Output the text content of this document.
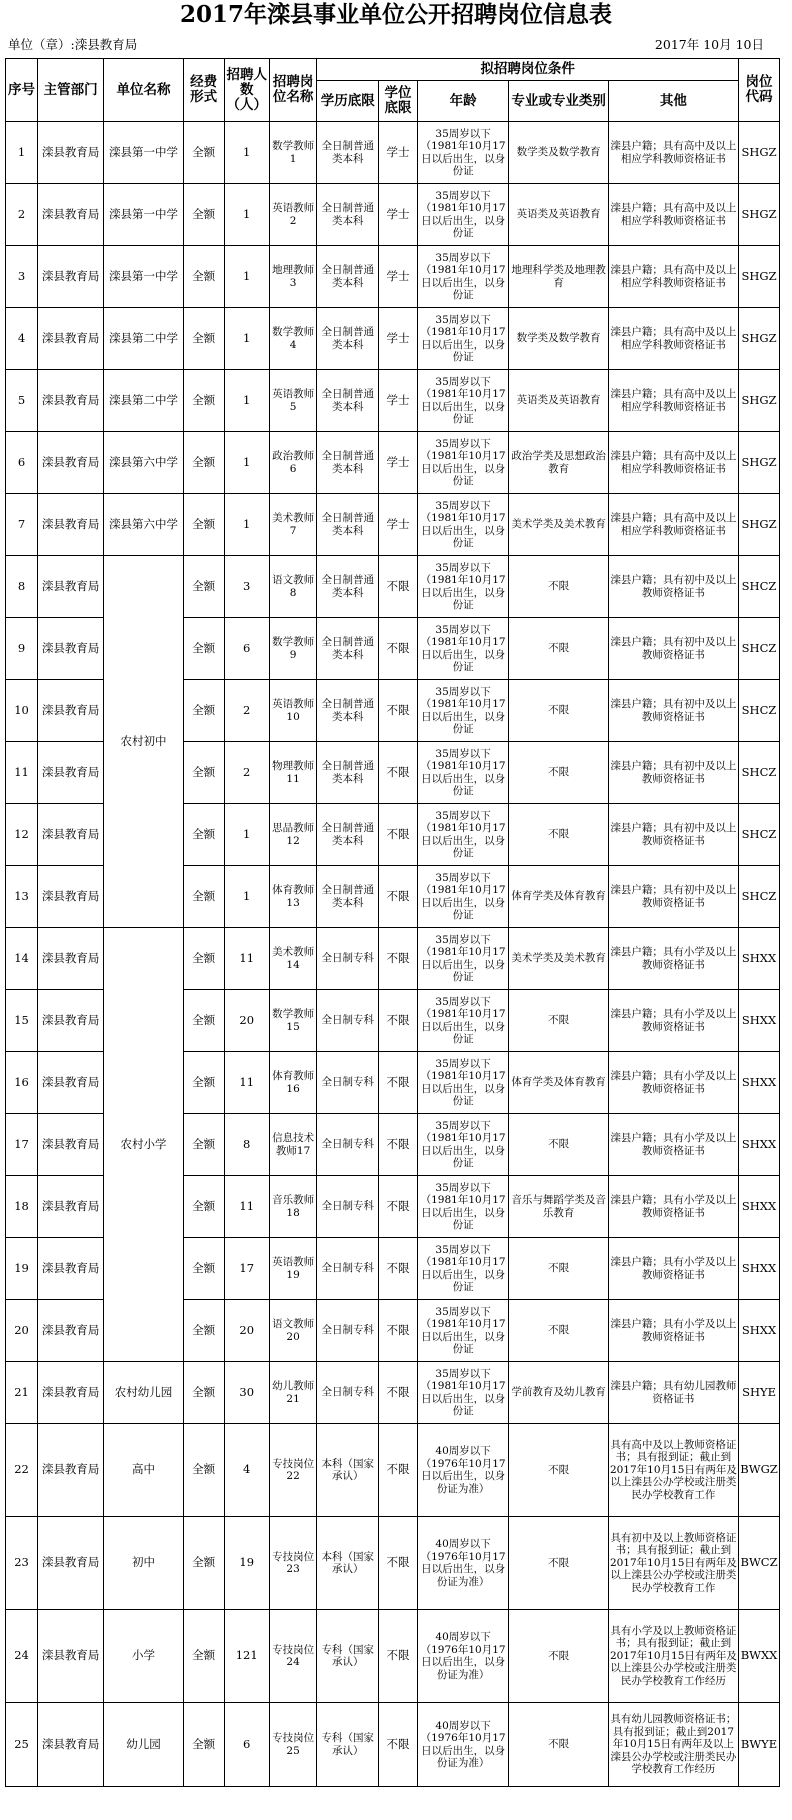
2017年滦县事业单位公开招聘岗位信息表
单位（章）:滦县教育局	2017年 10月 10日
序号	主管部门	单位名称	经费形式	招聘人数（人）	招聘岗位名称	拟招聘岗位条件					岗位代码
						学历底限	学位底限	年龄	专业或专业类别	其他	
1	滦县教育局	滦县第一中学	全额	1	数学教师1	全日制普通类本科	学士	35周岁以下（1981年10月17日以后出生，以身份证	数学类及数学教育	滦县户籍；具有高中及以上相应学科教师资格证书	SHGZ
2	滦县教育局	滦县第一中学	全额	1	英语教师2	全日制普通类本科	学士	35周岁以下（1981年10月17日以后出生，以身份证	英语类及英语教育	滦县户籍；具有高中及以上相应学科教师资格证书	SHGZ
3	滦县教育局	滦县第一中学	全额	1	地理教师3	全日制普通类本科	学士	35周岁以下（1981年10月17日以后出生，以身份证	地理科学类及地理教育	滦县户籍；具有高中及以上相应学科教师资格证书	SHGZ
4	滦县教育局	滦县第二中学	全额	1	数学教师4	全日制普通类本科	学士	35周岁以下（1981年10月17日以后出生，以身份证	数学类及数学教育	滦县户籍；具有高中及以上相应学科教师资格证书	SHGZ
5	滦县教育局	滦县第二中学	全额	1	英语教师5	全日制普通类本科	学士	35周岁以下（1981年10月17日以后出生，以身份证	英语类及英语教育	滦县户籍；具有高中及以上相应学科教师资格证书	SHGZ
6	滦县教育局	滦县第六中学	全额	1	政治教师6	全日制普通类本科	学士	35周岁以下（1981年10月17日以后出生，以身份证	政治学类及思想政治教育	滦县户籍；具有高中及以上相应学科教师资格证书	SHGZ
7	滦县教育局	滦县第六中学	全额	1	美术教师7	全日制普通类本科	学士	35周岁以下（1981年10月17日以后出生，以身份证	美术学类及美术教育	滦县户籍；具有高中及以上相应学科教师资格证书	SHGZ
8	滦县教育局	农村初中	全额	3	语文教师8	全日制普通类本科	不限	35周岁以下（1981年10月17日以后出生，以身份证	不限	滦县户籍；具有初中及以上教师资格证书	SHCZ
9	滦县教育局		全额	6	数学教师9	全日制普通类本科	不限	35周岁以下（1981年10月17日以后出生，以身份证	不限	滦县户籍；具有初中及以上教师资格证书	SHCZ
10	滦县教育局		全额	2	英语教师10	全日制普通类本科	不限	35周岁以下（1981年10月17日以后出生，以身份证	不限	滦县户籍；具有初中及以上教师资格证书	SHCZ
11	滦县教育局		全额	2	物理教师11	全日制普通类本科	不限	35周岁以下（1981年10月17日以后出生，以身份证	不限	滦县户籍；具有初中及以上教师资格证书	SHCZ
12	滦县教育局		全额	1	思品教师12	全日制普通类本科	不限	35周岁以下（1981年10月17日以后出生，以身份证	不限	滦县户籍；具有初中及以上教师资格证书	SHCZ
13	滦县教育局		全额	1	体育教师13	全日制普通类本科	不限	35周岁以下（1981年10月17日以后出生，以身份证	体育学类及体育教育	滦县户籍；具有初中及以上教师资格证书	SHCZ
14	滦县教育局	农村小学	全额	11	美术教师14	全日制专科	不限	35周岁以下（1981年10月17日以后出生，以身份证	美术学类及美术教育	滦县户籍；具有小学及以上教师资格证书	SHXX
15	滦县教育局		全额	20	数学教师15	全日制专科	不限	35周岁以下（1981年10月17日以后出生，以身份证	不限	滦县户籍；具有小学及以上教师资格证书	SHXX
16	滦县教育局		全额	11	体育教师16	全日制专科	不限	35周岁以下（1981年10月17日以后出生，以身份证	体育学类及体育教育	滦县户籍；具有小学及以上教师资格证书	SHXX
17	滦县教育局		全额	8	信息技术教师17	全日制专科	不限	35周岁以下（1981年10月17日以后出生，以身份证	不限	滦县户籍；具有小学及以上教师资格证书	SHXX
18	滦县教育局		全额	11	音乐教师18	全日制专科	不限	35周岁以下（1981年10月17日以后出生，以身份证	音乐与舞蹈学类及音乐教育	滦县户籍；具有小学及以上教师资格证书	SHXX
19	滦县教育局		全额	17	英语教师19	全日制专科	不限	35周岁以下（1981年10月17日以后出生，以身份证	不限	滦县户籍；具有小学及以上教师资格证书	SHXX
20	滦县教育局		全额	20	语文教师20	全日制专科	不限	35周岁以下（1981年10月17日以后出生，以身份证	不限	滦县户籍；具有小学及以上教师资格证书	SHXX
21	滦县教育局	农村幼儿园	全额	30	幼儿教师21	全日制专科	不限	35周岁以下（1981年10月17日以后出生，以身份证	学前教育及幼儿教育	滦县户籍；具有幼儿园教师资格证书	SHYE
22	滦县教育局	高中	全额	4	专技岗位22	本科（国家承认）	不限	40周岁以下（1976年10月17日以后出生，以身份证为准）	不限	具有高中及以上教师资格证书；具有报到证；截止到2017年10月15日有两年及以上滦县公办学校或注册类民办学校教育工作	BWGZ
23	滦县教育局	初中	全额	19	专技岗位23	本科（国家承认）	不限	40周岁以下（1976年10月17日以后出生，以身份证为准）	不限	具有初中及以上教师资格证书；具有报到证；截止到2017年10月15日有两年及以上滦县公办学校或注册类民办学校教育工作	BWCZ
24	滦县教育局	小学	全额	121	专技岗位24	专科（国家承认）	不限	40周岁以下（1976年10月17日以后出生，以身份证为准）	不限	具有小学及以上教师资格证书；具有报到证；截止到2017年10月15日有两年及以上滦县公办学校或注册类民办学校教育工作经历	BWXX
25	滦县教育局	幼儿园	全额	6	专技岗位25	专科（国家承认）	不限	40周岁以下（1976年10月17日以后出生，以身份证为准）	不限	具有幼儿园教师资格证书；具有报到证；截止到2017年10月15日有两年及以上滦县公办学校或注册类民办学校教育工作经历	BWYE
